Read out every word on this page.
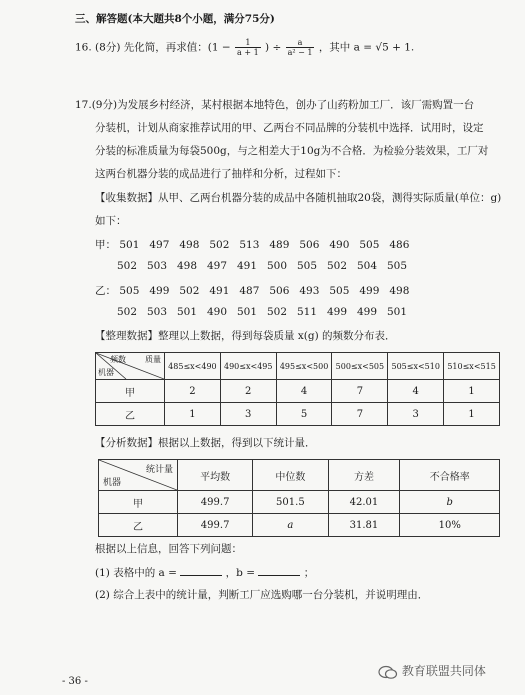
三、解答题(本大题共8个小题，满分75分)
16. (8分) 先化简，再求值：($1 - \frac{1}{a + 1}$ ) ÷ $\frac{a}{\text{a² − 1}}$ ，其中 a = √5 + 1.
17.(9分)为发展乡村经济，某村根据本地特色，创办了山药粉加工厂．该厂需购置一台
分装机，计划从商家推荐试用的甲、乙两台不同品牌的分装机中选择．试用时，设定
分装的标准质量为每袋500g，与之相差大于10g为不合格．为检验分装效果，工厂对
这两台机器分装的成品进行了抽样和分析，过程如下：
【收集数据】从甲、乙两台机器分装的成品中各随机抽取20袋，测得实际质量(单位：g)
如下：
甲： 501 497 498 502 513 489 506 490 505 486
502 503 498 497 491 500 505 502 504 505
乙： 505 499 502 491 487 506 493 505 499 498
502 503 501 490 501 502 511 499 499 501
【整理数据】整理以上数据，得到每袋质量 x(g) 的频数分布表．
质量
频数
机器	485≤x<490	490≤x<495	495≤x<500	500≤x<505	505≤x<510	510≤x<515
甲	2	2	4	7	4	1
乙	1	3	5	7	3	1
【分析数据】根据以上数据，得到以下统计量．
统计量
机器	平均数	中位数	方差	不合格率
甲	499.7	501.5	42.01	b
乙	499.7	a	31.81	10%
根据以上信息，回答下列问题：
(1) 表格中的 a =	，b =	；
(2) 综合上表中的统计量，判断工厂应选购哪一台分装机，并说明理由．
- 36 -
教育联盟共同体
